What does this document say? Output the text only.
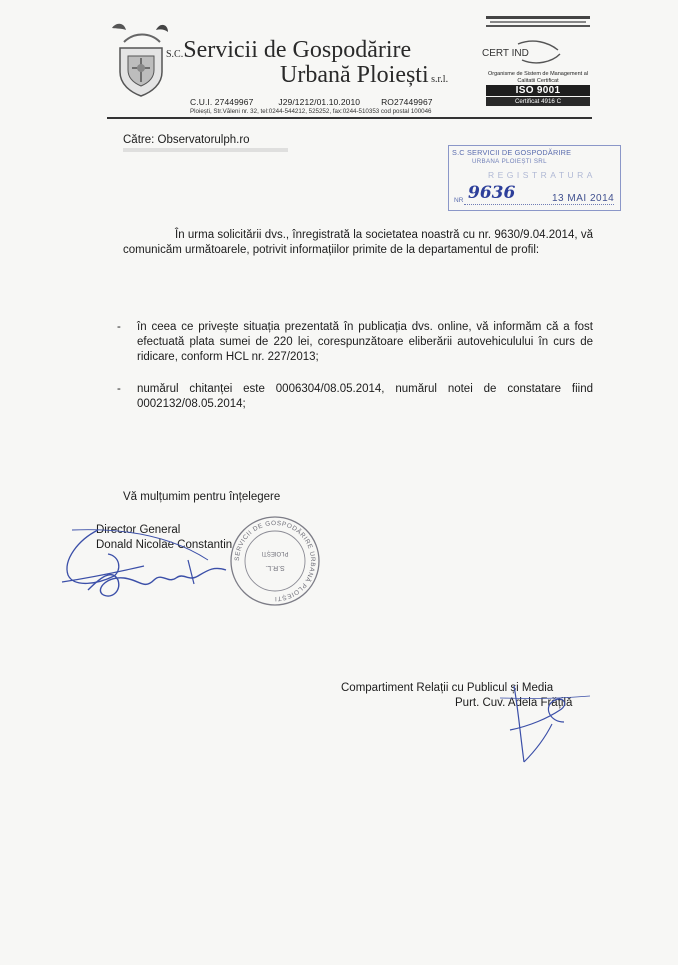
S.C.Servicii de Gospodărire
Urbană Ploiești s.r.l.
C.U.I. 27449967	J29/1212/01.10.2010 RO27449967
Ploiești, Str.Văleni nr. 32, tel:0244-544212, 525252, fax:0244-510353 cod postal 100046
CERT IND
Organisme de Sistem de Management al Calitatii Certificat
ISO 9001
Certificat 4916 C
Către: Observatorulph.ro
S.C SERVICII DE GOSPODĂRIRE
URBANĂ PLOIEȘTI SRL
REGISTRATURA
NR 9636	13 MAI 2014
În urma solicitării dvs., înregistrată la societatea noastră cu nr. 9630/9.04.2014, vă comunicăm următoarele, potrivit informațiilor primite de la departamentul de profil:
- în ceea ce privește situația prezentată în publicația dvs. online, vă informăm că a fost efectuată plata sumei de 220 lei, corespunzătoare eliberării autovehiculului în curs de ridicare, conform HCL nr. 227/2013;
- numărul chitanței este 0006304/08.05.2014, numărul notei de constatare fiind 0002132/08.05.2014;
Vă mulțumim pentru înțelegere
Director General
Donald Nicolae Constantin
SERVICII DE GOSPODĂRIRE URBANĂ PLOIEȘTI
S.R.L.
PLOIEȘTI
Compartiment Relații cu Publicul și Media
Purt. Cuv. Adela Frățilă
